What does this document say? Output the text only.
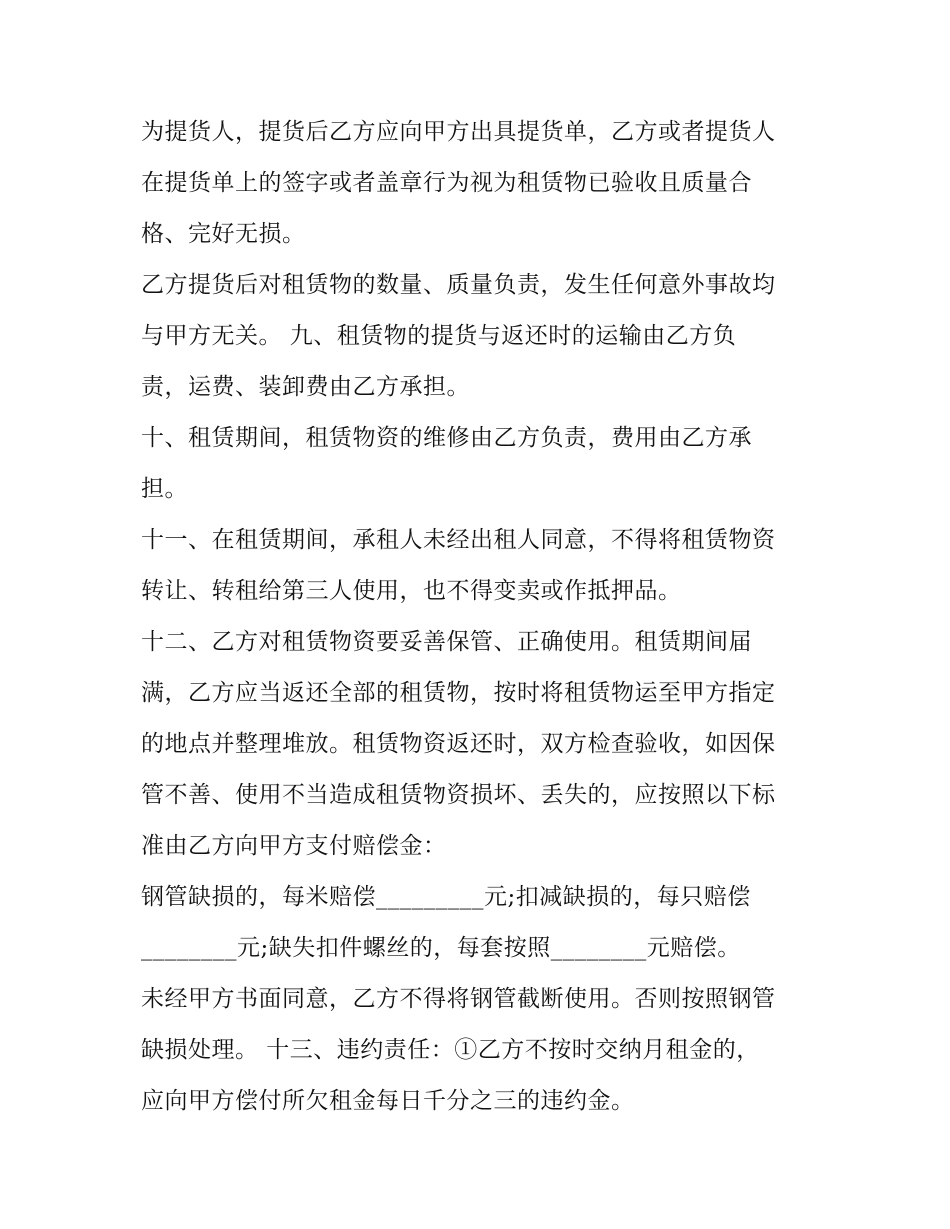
为提货人，提货后乙方应向甲方出具提货单，乙方或者提货人
在提货单上的签字或者盖章行为视为租赁物已验收且质量合
格、完好无损。
乙方提货后对租赁物的数量、质量负责，发生任何意外事故均
与甲方无关。 九、租赁物的提货与返还时的运输由乙方负
责，运费、装卸费由乙方承担。
十、租赁期间，租赁物资的维修由乙方负责，费用由乙方承
担。
十一、在租赁期间，承租人未经出租人同意，不得将租赁物资
转让、转租给第三人使用，也不得变卖或作抵押品。
十二、乙方对租赁物资要妥善保管、正确使用。租赁期间届
满，乙方应当返还全部的租赁物，按时将租赁物运至甲方指定
的地点并整理堆放。租赁物资返还时，双方检查验收，如因保
管不善、使用不当造成租赁物资损坏、丢失的，应按照以下标
准由乙方向甲方支付赔偿金：
钢管缺损的，每米赔偿_________元;扣减缺损的，每只赔偿
________元;缺失扣件螺丝的，每套按照________元赔偿。
未经甲方书面同意，乙方不得将钢管截断使用。否则按照钢管
缺损处理。 十三、违约责任：①乙方不按时交纳月租金的，
应向甲方偿付所欠租金每日千分之三的违约金。
